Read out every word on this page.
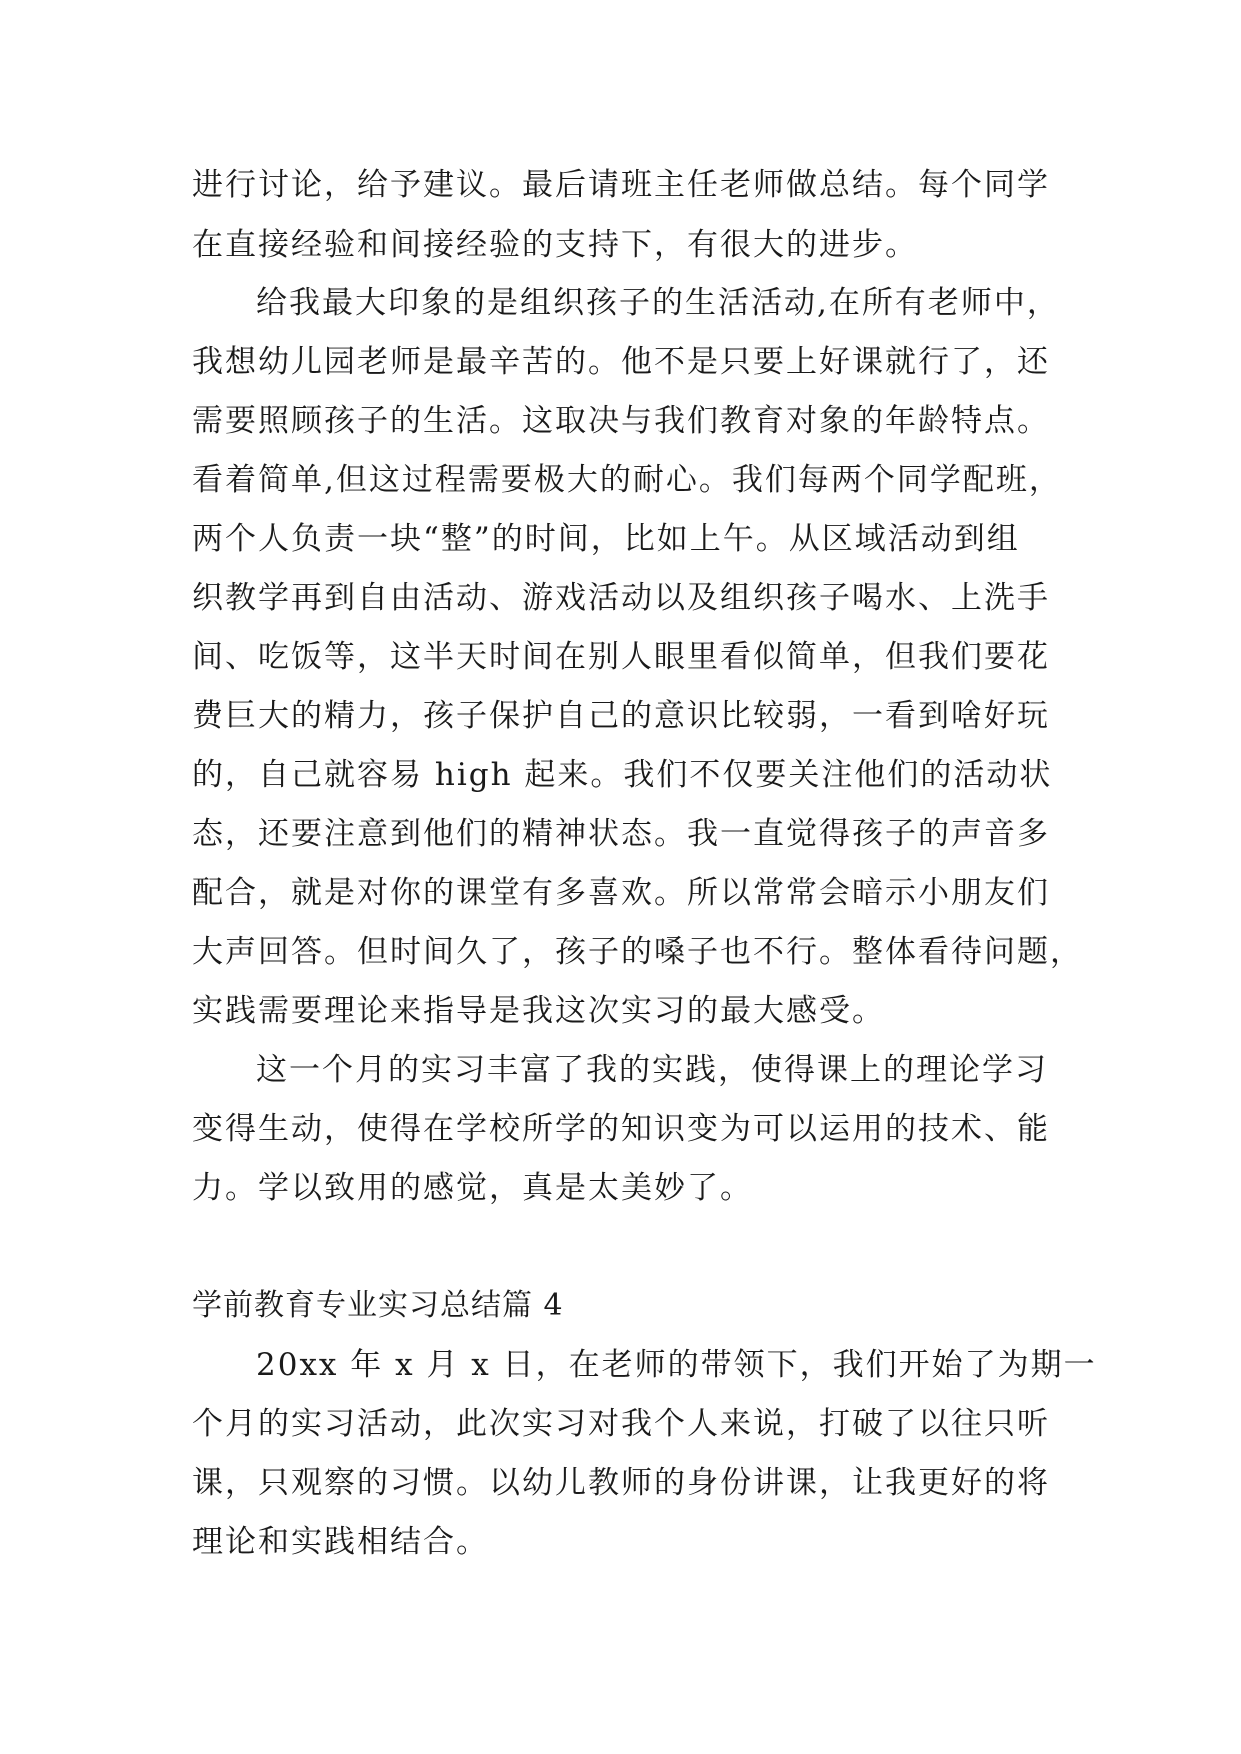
进行讨论，给予建议。最后请班主任老师做总结。每个同学
在直接经验和间接经验的支持下，有很大的进步。
给我最大印象的是组织孩子的生活活动,在所有老师中，
我想幼儿园老师是最辛苦的。他不是只要上好课就行了，还
需要照顾孩子的生活。这取决与我们教育对象的年龄特点。
看着简单,但这过程需要极大的耐心。我们每两个同学配班，
两个人负责一块“整”的时间，比如上午。从区域活动到组
织教学再到自由活动、游戏活动以及组织孩子喝水、上洗手
间、吃饭等，这半天时间在别人眼里看似简单，但我们要花
费巨大的精力，孩子保护自己的意识比较弱，一看到啥好玩
的，自己就容易 high 起来。我们不仅要关注他们的活动状
态，还要注意到他们的精神状态。我一直觉得孩子的声音多
配合，就是对你的课堂有多喜欢。所以常常会暗示小朋友们
大声回答。但时间久了，孩子的嗓子也不行。整体看待问题，
实践需要理论来指导是我这次实习的最大感受。
这一个月的实习丰富了我的实践，使得课上的理论学习
变得生动，使得在学校所学的知识变为可以运用的技术、能
力。学以致用的感觉，真是太美妙了。
学前教育专业实习总结篇 4
20xx 年 x 月 x 日，在老师的带领下，我们开始了为期一
个月的实习活动，此次实习对我个人来说，打破了以往只听
课，只观察的习惯。以幼儿教师的身份讲课，让我更好的将
理论和实践相结合。
